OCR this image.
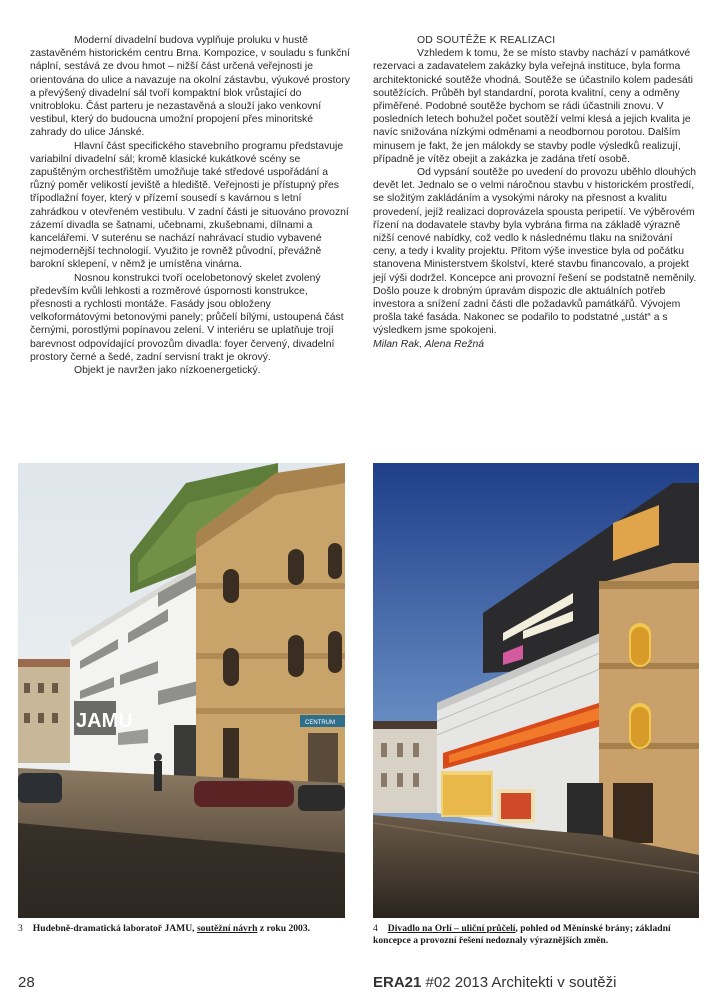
Moderní divadelní budova vyplňuje proluku v hustě zastavěném historickém centru Brna. Kompozice, v souladu s funkční náplní, sestává ze dvou hmot – nižší část určená veřejnosti je orientována do ulice a navazuje na okolní zástavbu, výukové prostory a převýšený divadelní sál tvoří kompaktní blok vrůstající do vnitrobloku. Část parteru je nezastavěná a slouží jako venkovní vestibul, který do budoucna umožní propojení přes minoritské zahrady do ulice Jánské.

Hlavní část specifického stavebního programu představuje variabilní divadelní sál; kromě klasické kukátkové scény se zapuštěným orchestřištěm umožňuje také středové uspořádání a různý poměr velikostí jeviště a hlediště. Veřejnosti je přístupný přes třípodlažní foyer, který v přízemí sousedí s kavárnou s letní zahrádkou v otevřeném vestibulu. V zadní části je situováno provozní zázemí divadla se šatnami, učebnami, zkušebnami, dílnami a kancelářemi. V suterénu se nachází nahrávací studio vybavené nejmodernější technologií. Využito je rovněž původní, převážně barokní sklepení, v němž je umístěna vinárna.

Nosnou konstrukci tvoří ocelobetonový skelet zvolený především kvůli lehkosti a rozměrové úspornosti konstrukce, přesnosti a rychlosti montáže. Fasády jsou obloženy velkoformátovými betonovými panely; průčelí bílými, ustoupená část černými, porostlými popínavou zelení. V interiéru se uplatňuje trojí barevnost odpovídající provozům divadla: foyer červený, divadelní prostory černé a šedé, zadní servisní trakt je okrový.

Objekt je navržen jako nízkoenergetický.

OD SOUTĚŽE K REALIZACI

Vzhledem k tomu, že se místo stavby nachází v památkové rezervaci a zadavatelem zakázky byla veřejná instituce, byla forma architektonické soutěže vhodná. Soutěže se účastnilo kolem padesáti soutěžících. Průběh byl standardní, porota kvalitní, ceny a odměny přiměřené. Podobné soutěže bychom se rádi účastnili znovu. V posledních letech bohužel počet soutěží velmi klesá a jejich kvalita je navíc snižována nízkými odměnami a neodbornou porotou. Dalším minusem je fakt, že jen málokdy se stavby podle výsledků realizují, případně je vítěz obejit a zakázka je zadána třetí osobě.

Od vypsání soutěže po uvedení do provozu uběhlo dlouhých devět let. Jednalo se o velmi náročnou stavbu v historickém prostředí, se složitým zakládáním a vysokými nároky na přesnost a kvalitu provedení, jejíž realizaci doprovázela spousta peripetií. Ve výběrovém řízení na dodavatele stavby byla vybrána firma na základě výrazně nižší cenové nabídky, což vedlo k následnému tlaku na snižování ceny, a tedy i kvality projektu. Přitom výše investice byla od počátku stanovena Ministerstvem školství, které stavbu financovalo, a projekt její výši dodržel. Koncepce ani provozní řešení se podstatně neměnily. Došlo pouze k drobným úpravám dispozic dle aktuálních potřeb investora a snížení zadní části dle požadavků památkářů. Vývojem prošla také fasáda. Nakonec se podařilo to podstatné „ustát“ a s výsledkem jsme spokojeni.

Milan Rak, Alena Režná

JAMU	CENTRUM
3 Hudebně-dramatická laboratoř JAMU, soutěžní návrh z roku 2003.	4 Divadlo na Orlí – uliční průčelí, pohled od Měnínské brány; základní koncepce a provozní řešení nedoznaly výraznějších změn.
28	ERA21 #02 2013 Architekti v soutěži
